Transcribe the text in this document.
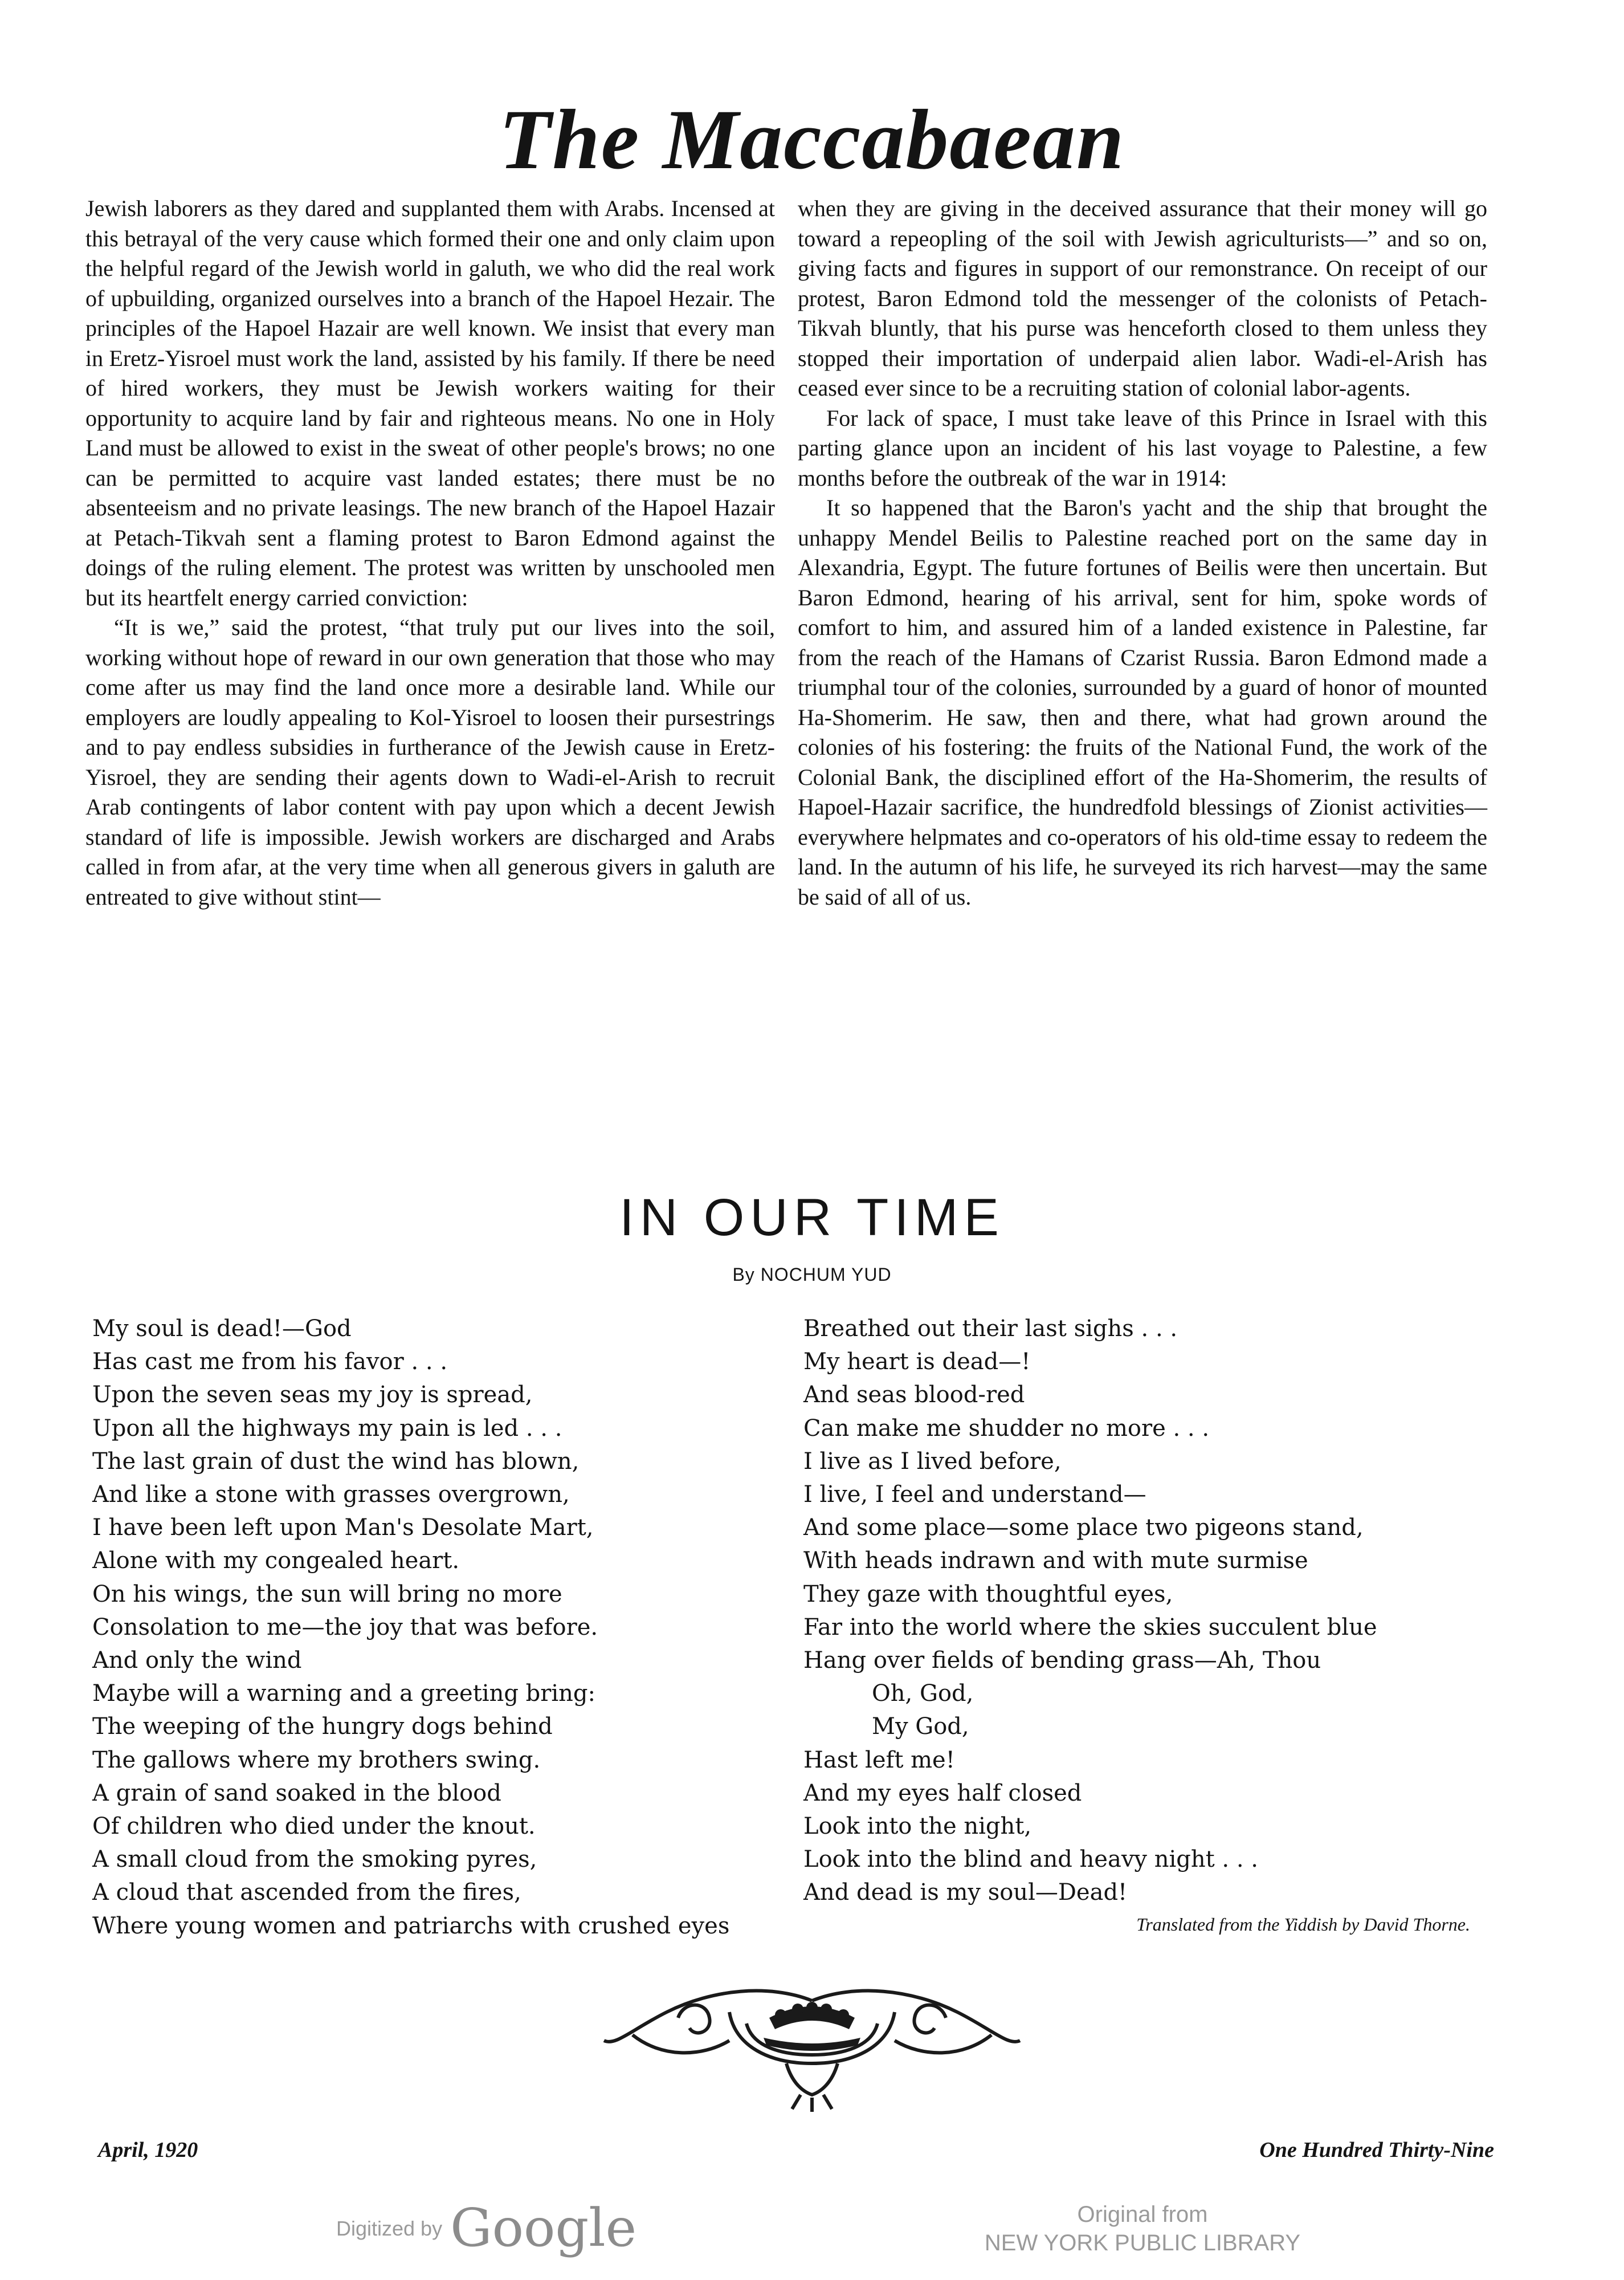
The Maccabaean

Jewish laborers as they dared and supplanted them with Arabs. Incensed at this betrayal of the very cause which formed their one and only claim upon the helpful regard of the Jewish world in galuth, we who did the real work of upbuilding, organized ourselves into a branch of the Hapoel Hezair. The principles of the Hapoel Hazair are well known. We insist that every man in Eretz-Yisroel must work the land, assisted by his family. If there be need of hired workers, they must be Jewish workers waiting for their opportunity to acquire land by fair and righteous means. No one in Holy Land must be allowed to exist in the sweat of other people's brows; no one can be permitted to acquire vast landed estates; there must be no absenteeism and no private leasings. The new branch of the Hapoel Hazair at Petach-Tikvah sent a flaming protest to Baron Edmond against the doings of the ruling element. The protest was written by unschooled men but its heartfelt energy carried conviction:

“It is we,” said the protest, “that truly put our lives into the soil, working without hope of reward in our own generation that those who may come after us may find the land once more a desirable land. While our employers are loudly appealing to Kol-Yisroel to loosen their pursestrings and to pay endless subsidies in furtherance of the Jewish cause in Eretz-Yisroel, they are sending their agents down to Wadi-el-Arish to recruit Arab contingents of labor content with pay upon which a decent Jewish standard of life is impossible. Jewish workers are discharged and Arabs called in from afar, at the very time when all generous givers in galuth are entreated to give without stint—

when they are giving in the deceived assurance that their money will go toward a repeopling of the soil with Jewish agriculturists—” and so on, giving facts and figures in support of our remonstrance. On receipt of our protest, Baron Edmond told the messenger of the colonists of Petach-Tikvah bluntly, that his purse was henceforth closed to them unless they stopped their importation of underpaid alien labor. Wadi-el-Arish has ceased ever since to be a recruiting station of colonial labor-agents.

For lack of space, I must take leave of this Prince in Israel with this parting glance upon an incident of his last voyage to Palestine, a few months before the outbreak of the war in 1914:

It so happened that the Baron's yacht and the ship that brought the unhappy Mendel Beilis to Palestine reached port on the same day in Alexandria, Egypt. The future fortunes of Beilis were then uncertain. But Baron Edmond, hearing of his arrival, sent for him, spoke words of comfort to him, and assured him of a landed existence in Palestine, far from the reach of the Hamans of Czarist Russia. Baron Edmond made a triumphal tour of the colonies, surrounded by a guard of honor of mounted Ha-Shomerim. He saw, then and there, what had grown around the colonies of his fostering: the fruits of the National Fund, the work of the Colonial Bank, the disciplined effort of the Ha-Shomerim, the results of Hapoel-Hazair sacrifice, the hundredfold blessings of Zionist activities—everywhere helpmates and co-operators of his old-time essay to redeem the land. In the autumn of his life, he surveyed its rich harvest—may the same be said of all of us.

IN OUR TIME
By NOCHUM YUD
My soul is dead!—God
Has cast me from his favor . . .
Upon the seven seas my joy is spread,
Upon all the highways my pain is led . . .
The last grain of dust the wind has blown,
And like a stone with grasses overgrown,
I have been left upon Man's Desolate Mart,
Alone with my congealed heart.
On his wings, the sun will bring no more
Consolation to me—the joy that was before.
And only the wind
Maybe will a warning and a greeting bring:
The weeping of the hungry dogs behind
The gallows where my brothers swing.
A grain of sand soaked in the blood
Of children who died under the knout.
A small cloud from the smoking pyres,
A cloud that ascended from the fires,
Where young women and patriarchs with crushed eyes
Breathed out their last sighs . . .
My heart is dead—!
And seas blood-red
Can make me shudder no more . . .
I live as I lived before,
I live, I feel and understand—
And some place—some place two pigeons stand,
With heads indrawn and with mute surmise
They gaze with thoughtful eyes,
Far into the world where the skies succulent blue
Hang over fields of bending grass—Ah, Thou
Oh, God,
My God,
Hast left me!
And my eyes half closed
Look into the night,
Look into the blind and heavy night . . .
And dead is my soul—Dead!
Translated from the Yiddish by David Thorne.
April, 1920	One Hundred Thirty-Nine
Digitized by Google	Original from
NEW YORK PUBLIC LIBRARY
